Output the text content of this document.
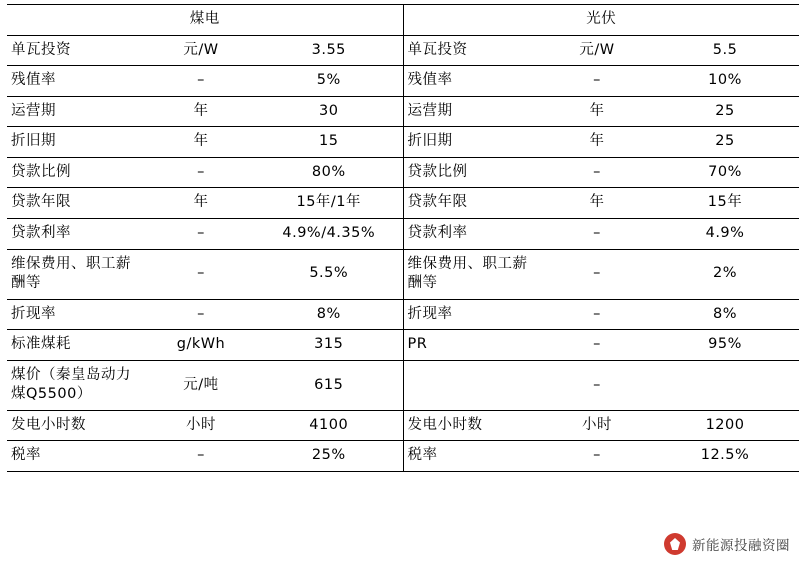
煤电			光伏		
单瓦投资	元/W	3.55	单瓦投资	元/W	5.5
残值率	–	5%	残值率	–	10%
运营期	年	30	运营期	年	25
折旧期	年	15	折旧期	年	25
贷款比例	–	80%	贷款比例	–	70%
贷款年限	年	15年/1年	贷款年限	年	15年
贷款利率	–	4.9%/4.35%	贷款利率	–	4.9%
维保费用、职工薪酬等	–	5.5%	维保费用、职工薪酬等	–	2%
折现率	–	8%	折现率	–	8%
标准煤耗	g/kWh	315	PR	–	95%
煤价（秦皇岛动力煤Q5500）	元/吨	615		–	
发电小时数	小时	4100	发电小时数	小时	1200
税率	–	25%	税率	–	12.5%
新能源投融资圈
